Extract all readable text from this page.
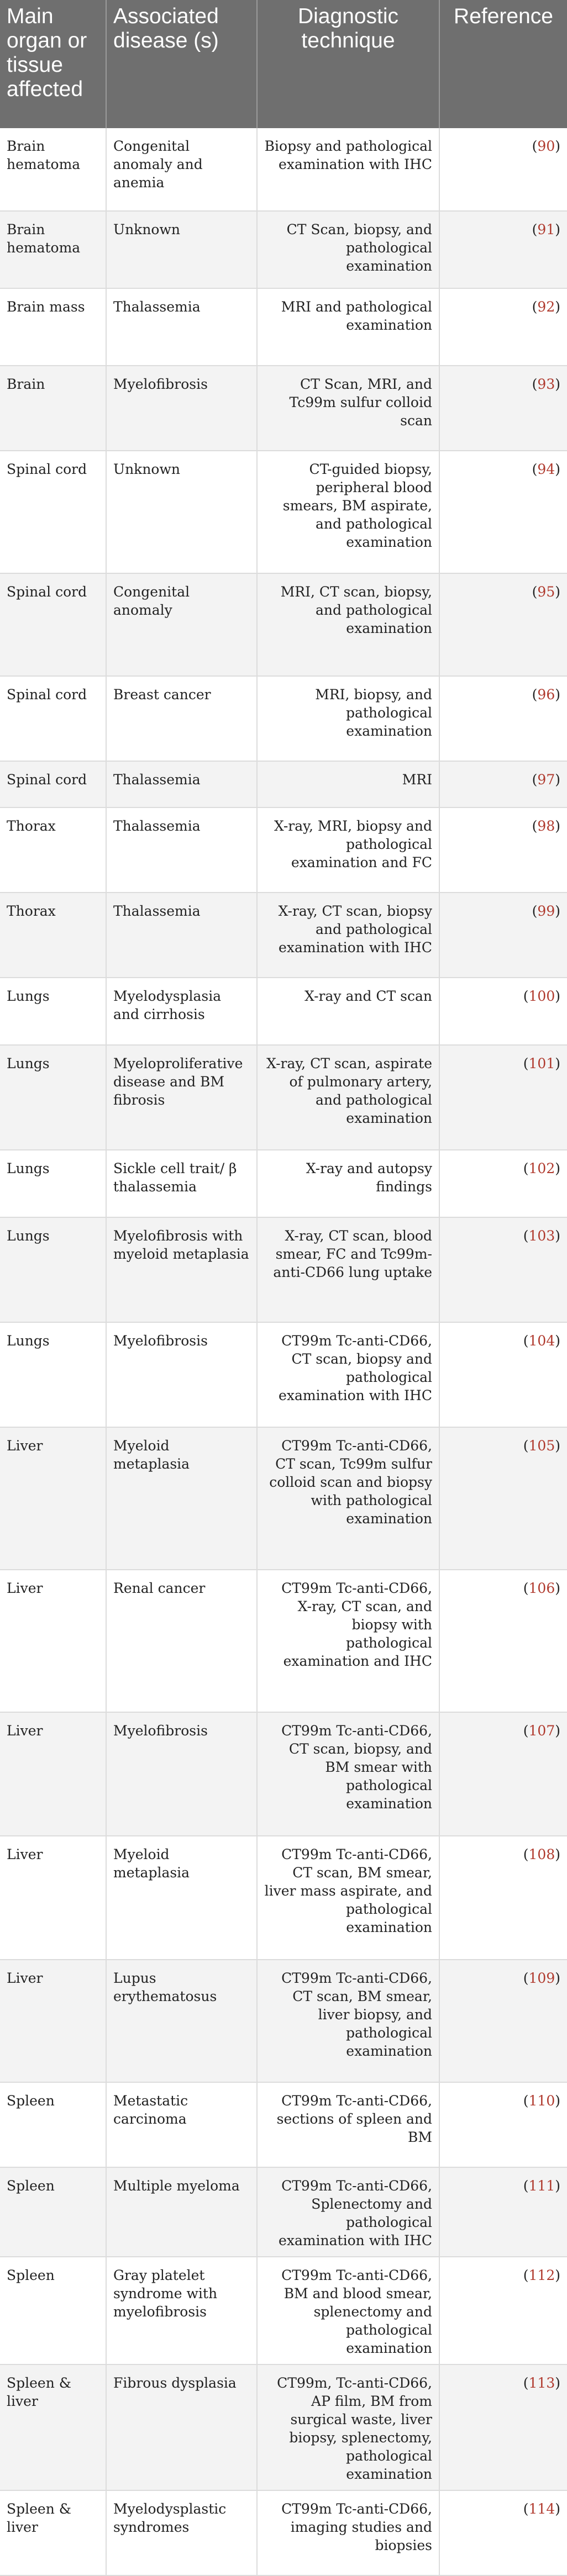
Main organ or tissue affected	Associated disease (s)	Diagnostic technique	Reference
Brain hematoma	Congenital anomaly and anemia	Biopsy and pathological examination with IHC	(90)
Brain hematoma	Unknown	CT Scan, biopsy, and pathological examination	(91)
Brain mass	Thalassemia	MRI and pathological examination	(92)
Brain	Myelofibrosis	CT Scan, MRI, and Tc99m sulfur colloid scan	(93)
Spinal cord	Unknown	CT-guided biopsy, peripheral blood smears, BM aspirate, and pathological examination	(94)
Spinal cord	Congenital anomaly	MRI, CT scan, biopsy, and pathological examination	(95)
Spinal cord	Breast cancer	MRI, biopsy, and pathological examination	(96)
Spinal cord	Thalassemia	MRI	(97)
Thorax	Thalassemia	X-ray, MRI, biopsy and pathological examination and FC	(98)
Thorax	Thalassemia	X-ray, CT scan, biopsy and pathological examination with IHC	(99)
Lungs	Myelodysplasia and cirrhosis	X-ray and CT scan	(100)
Lungs	Myeloproliferative disease and BM fibrosis	X-ray, CT scan, aspirate of pulmonary artery, and pathological examination	(101)
Lungs	Sickle cell trait/ β thalassemia	X-ray and autopsy findings	(102)
Lungs	Myelofibrosis with myeloid metaplasia	X-ray, CT scan, blood smear, FC and Tc99m-anti-CD66 lung uptake	(103)
Lungs	Myelofibrosis	CT99m Tc-anti-CD66, CT scan, biopsy and pathological examination with IHC	(104)
Liver	Myeloid metaplasia	CT99m Tc-anti-CD66, CT scan, Tc99m sulfur colloid scan and biopsy with pathological examination	(105)
Liver	Renal cancer	CT99m Tc-anti-CD66, X-ray, CT scan, and biopsy with pathological examination and IHC	(106)
Liver	Myelofibrosis	CT99m Tc-anti-CD66, CT scan, biopsy, and BM smear with pathological examination	(107)
Liver	Myeloid metaplasia	CT99m Tc-anti-CD66, CT scan, BM smear, liver mass aspirate, and pathological examination	(108)
Liver	Lupus erythematosus	CT99m Tc-anti-CD66, CT scan, BM smear, liver biopsy, and pathological examination	(109)
Spleen	Metastatic carcinoma	CT99m Tc-anti-CD66, sections of spleen and BM	(110)
Spleen	Multiple myeloma	CT99m Tc-anti-CD66, Splenectomy and pathological examination with IHC	(111)
Spleen	Gray platelet syndrome with myelofibrosis	CT99m Tc-anti-CD66, BM and blood smear, splenectomy and pathological examination	(112)
Spleen & liver	Fibrous dysplasia	CT99m, Tc-anti-CD66, AP film, BM from surgical waste, liver biopsy, splenectomy, pathological examination	(113)
Spleen & liver	Myelodysplastic syndromes	CT99m Tc-anti-CD66, imaging studies and biopsies	(114)
